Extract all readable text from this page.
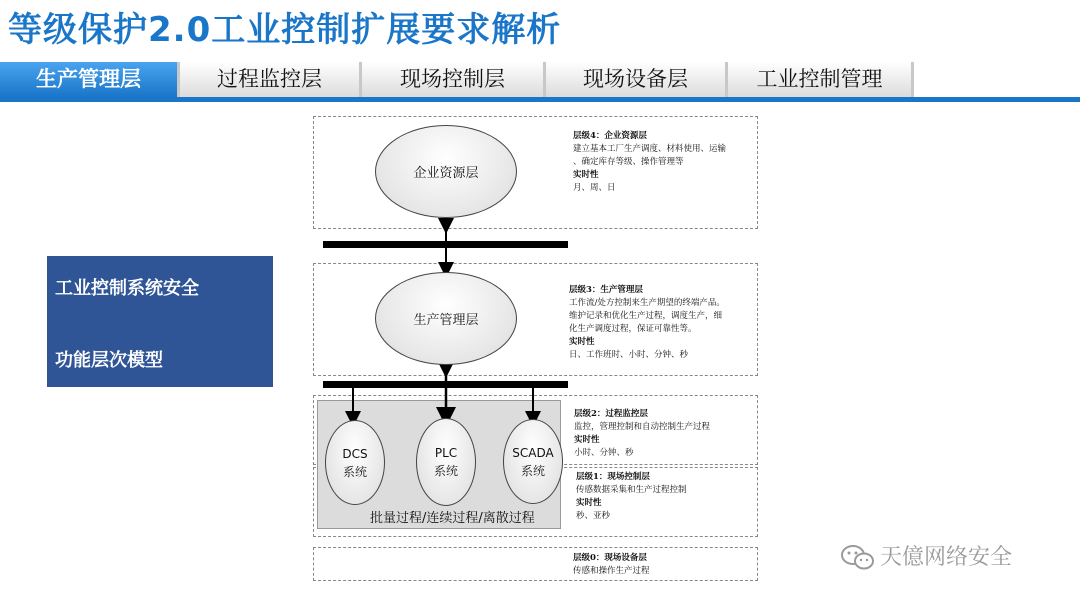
等级保护2.0工业控制扩展要求解析
生产管理层	过程监控层	现场控制层	现场设备层	工业控制管理
工业控制系统安全
功能层次模型
企业资源层
生产管理层
DCS
系统
PLC
系统
SCADA
系统
批量过程/连续过程/离散过程
层级4：企业资源层
建立基本工厂生产调度、材料使用、运输
、确定库存等级、操作管理等
实时性
月、周、日
层级3：生产管理层
工作流/处方控制来生产期望的终端产品。
维护记录和优化生产过程，调度生产，细
化生产调度过程，保证可靠性等。
实时性
日、工作班时、小时、分钟、秒
层级2：过程监控层
监控，管理控制和自动控制生产过程
实时性
小时、分钟、秒
层级1：现场控制层
传感数据采集和生产过程控制
实时性
秒、亚秒
层级0：现场设备层
传感和操作生产过程
天億网络安全
